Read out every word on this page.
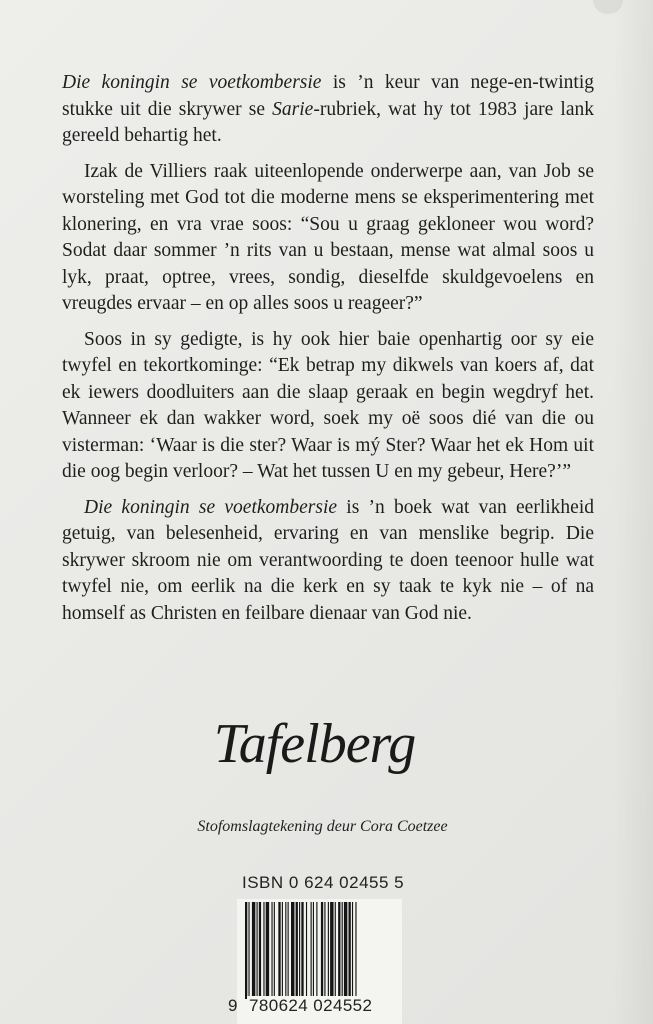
Die koningin se voetkombersie is ’n keur van nege-en-twintig stukke uit die skrywer se Sarie-rubriek, wat hy tot 1983 jare lank gereeld behartig het.

Izak de Villiers raak uiteenlopende onderwerpe aan, van Job se worsteling met God tot die moderne mens se eksperimentering met klonering, en vra vrae soos: “Sou u graag gekloneer wou word? Sodat daar sommer ’n rits van u bestaan, mense wat almal soos u lyk, praat, optree, vrees, sondig, dieselfde skuldgevoelens en vreugdes ervaar – en op alles soos u reageer?”

Soos in sy gedigte, is hy ook hier baie openhartig oor sy eie twyfel en tekortkominge: “Ek betrap my dikwels van koers af, dat ek iewers doodluiters aan die slaap geraak en begin wegdryf het. Wanneer ek dan wakker word, soek my oë soos dié van die ou visterman: ‘Waar is die ster? Waar is mý Ster? Waar het ek Hom uit die oog begin verloor? – Wat het tussen U en my gebeur, Here?’”

Die koningin se voetkombersie is ’n boek wat van eerlikheid getuig, van belesenheid, ervaring en van menslike begrip. Die skrywer skroom nie om verantwoording te doen teenoor hulle wat twyfel nie, om eerlik na die kerk en sy taak te kyk nie – of na homself as Christen en feilbare dienaar van God nie.

Tafelberg
Stofomslagtekening deur Cora Coetzee
ISBN 0 624 02455 5
9 780624 024552
